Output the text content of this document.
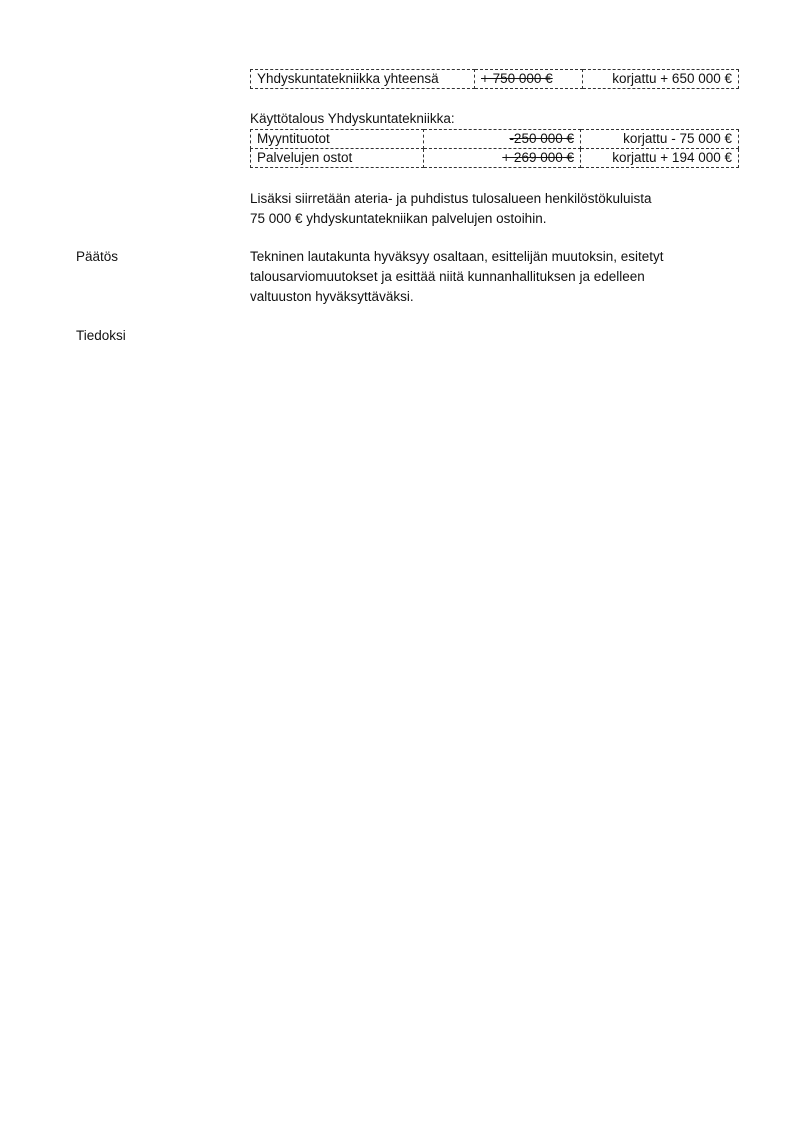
Yhdyskuntatekniikka yhteensä	+ 750 000 €	korjattu + 650 000 €
Käyttötalous Yhdyskuntatekniikka:
Myyntituotot	-250 000 €	korjattu - 75 000 €
Palvelujen ostot	+ 269 000 €	korjattu + 194 000 €
Lisäksi siirretään ateria- ja puhdistus tulosalueen henkilöstökuluista
75 000 € yhdyskuntatekniikan palvelujen ostoihin.
Päätös	Tekninen lautakunta hyväksyy osaltaan, esittelijän muutoksin, esitetyt
talousarviomuutokset ja esittää niitä kunnanhallituksen ja edelleen
valtuuston hyväksyttäväksi.
Tiedoksi
